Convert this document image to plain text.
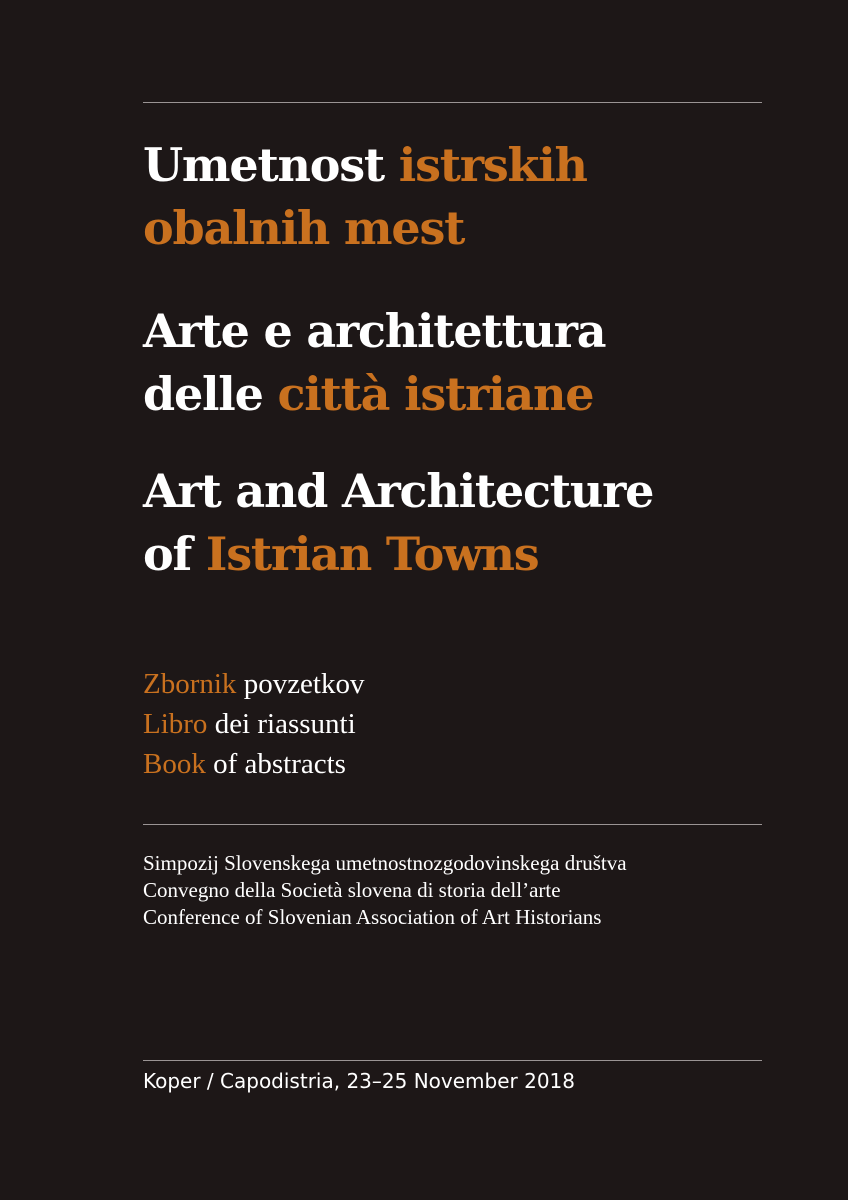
Umetnost istrskih
obalnih mest
Arte e architettura
delle città istriane
Art and Architecture
of Istrian Towns
Zbornik povzetkov
Libro dei riassunti
Book of abstracts
Simpozij Slovenskega umetnostnozgodovinskega društva
Convegno della Società slovena di storia dell’arte
Conference of Slovenian Association of Art Historians
Koper / Capodistria, 23–25 November 2018
